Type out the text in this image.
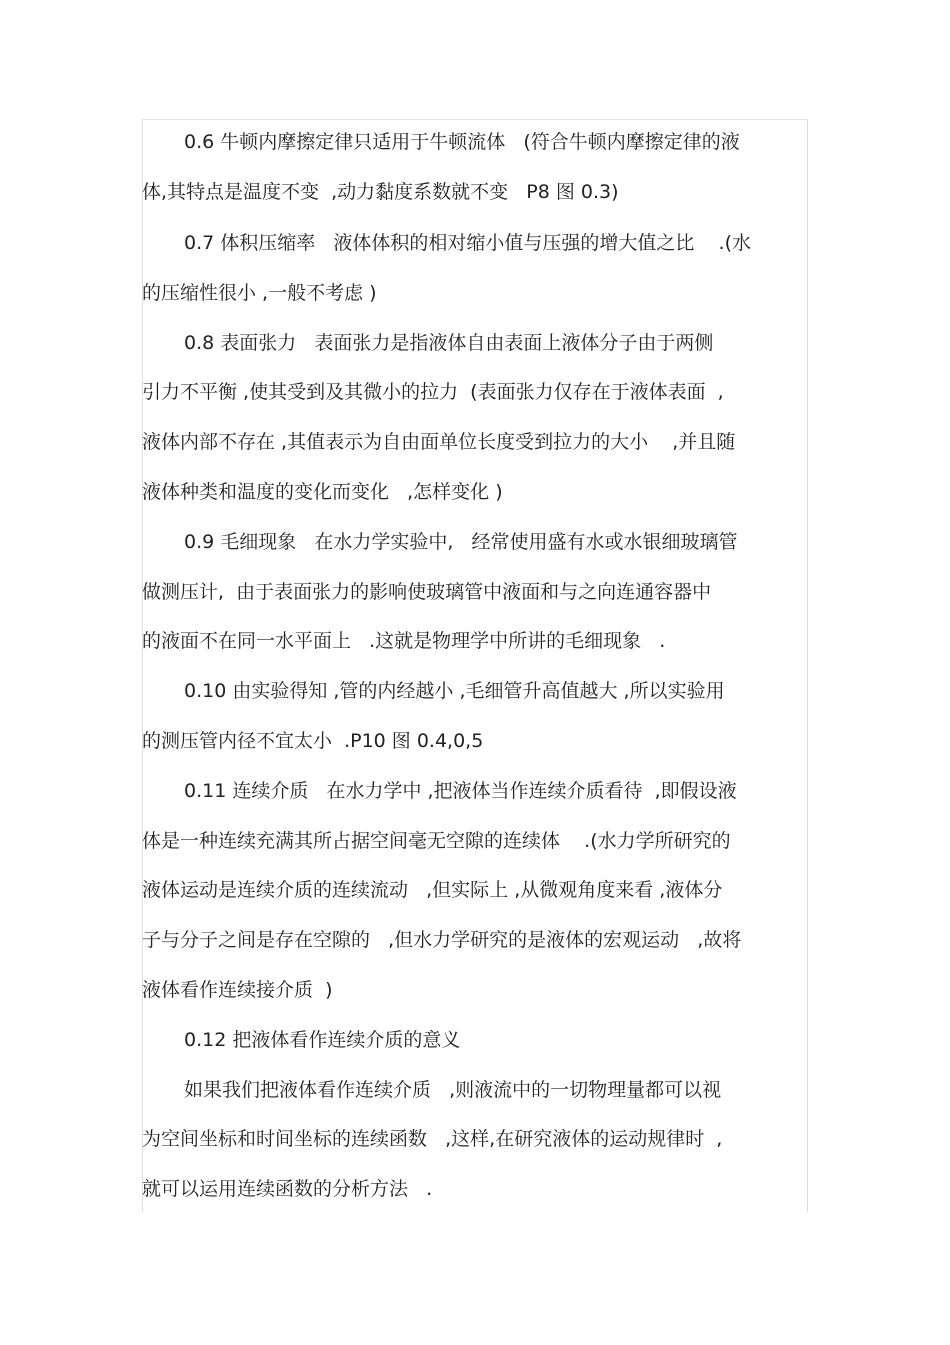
0.6 牛顿内摩擦定律只适用于牛顿流体   (符合牛顿内摩擦定律的液
体,其特点是温度不变  ,动力黏度系数就不变   P8 图 0.3)
0.7 体积压缩率   液体体积的相对缩小值与压强的增大值之比    .(水
的压缩性很小 ,一般不考虑 )
0.8 表面张力   表面张力是指液体自由表面上液体分子由于两侧
引力不平衡 ,使其受到及其微小的拉力  (表面张力仅存在于液体表面  ,
液体内部不存在 ,其值表示为自由面单位长度受到拉力的大小    ,并且随
液体种类和温度的变化而变化   ,怎样变化 )
0.9 毛细现象   在水力学实验中,   经常使用盛有水或水银细玻璃管
做测压计,  由于表面张力的影响使玻璃管中液面和与之向连通容器中
的液面不在同一水平面上   .这就是物理学中所讲的毛细现象   .
0.10 由实验得知 ,管的内经越小 ,毛细管升高值越大 ,所以实验用
的测压管内径不宜太小  .P10 图 0.4,0,5
0.11 连续介质   在水力学中 ,把液体当作连续介质看待  ,即假设液
体是一种连续充满其所占据空间毫无空隙的连续体    .(水力学所研究的
液体运动是连续介质的连续流动   ,但实际上 ,从微观角度来看 ,液体分
子与分子之间是存在空隙的   ,但水力学研究的是液体的宏观运动   ,故将
液体看作连续接介质  )
0.12 把液体看作连续介质的意义
如果我们把液体看作连续介质   ,则液流中的一切物理量都可以视
为空间坐标和时间坐标的连续函数   ,这样,在研究液体的运动规律时  ,
就可以运用连续函数的分析方法   .
